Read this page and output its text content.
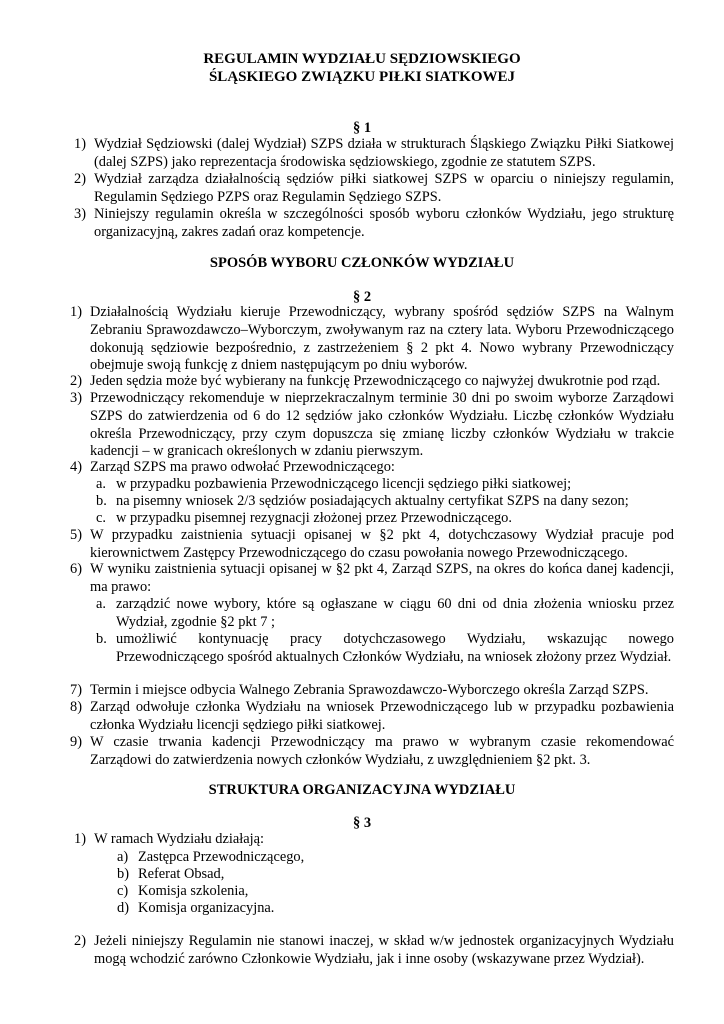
REGULAMIN WYDZIAŁU SĘDZIOWSKIEGO
ŚLĄSKIEGO ZWIĄZKU PIŁKI SIATKOWEJ
§ 1
1) Wydział Sędziowski (dalej Wydział) SZPS działa w strukturach Śląskiego Związku Piłki Siatkowej (dalej SZPS) jako reprezentacja środowiska sędziowskiego, zgodnie ze statutem SZPS.
2) Wydział zarządza działalnością sędziów piłki siatkowej SZPS w oparciu o niniejszy regulamin, Regulamin Sędziego PZPS oraz Regulamin Sędziego SZPS.
3) Niniejszy regulamin określa w szczególności sposób wyboru członków Wydziału, jego strukturę organizacyjną, zakres zadań oraz kompetencje.
SPOSÓB WYBORU CZŁONKÓW WYDZIAŁU
§ 2
1) Działalnością Wydziału kieruje Przewodniczący, wybrany spośród sędziów SZPS na Walnym Zebraniu Sprawozdawczo–Wyborczym, zwoływanym raz na cztery lata. Wyboru Przewodniczącego dokonują sędziowie bezpośrednio, z zastrzeżeniem § 2 pkt 4. Nowo wybrany Przewodniczący obejmuje swoją funkcję z dniem następującym po dniu wyborów.
2) Jeden sędzia może być wybierany na funkcję Przewodniczącego co najwyżej dwukrotnie pod rząd.
3) Przewodniczący rekomenduje w nieprzekraczalnym terminie 30 dni po swoim wyborze Zarządowi SZPS do zatwierdzenia od 6 do 12 sędziów jako członków Wydziału. Liczbę członków Wydziału określa Przewodniczący, przy czym dopuszcza się zmianę liczby członków Wydziału w trakcie kadencji – w granicach określonych w zdaniu pierwszym.
4) Zarząd SZPS ma prawo odwołać Przewodniczącego:
a. w przypadku pozbawienia Przewodniczącego licencji sędziego piłki siatkowej;
b. na pisemny wniosek 2/3 sędziów posiadających aktualny certyfikat SZPS na dany sezon;
c. w przypadku pisemnej rezygnacji złożonej przez Przewodniczącego.
5) W przypadku zaistnienia sytuacji opisanej w §2 pkt 4, dotychczasowy Wydział pracuje pod kierownictwem Zastępcy Przewodniczącego do czasu powołania nowego Przewodniczącego.
6) W wyniku zaistnienia sytuacji opisanej w §2 pkt 4, Zarząd SZPS, na okres do końca danej kadencji, ma prawo:
a. zarządzić nowe wybory, które są ogłaszane w ciągu 60 dni od dnia złożenia wniosku przez Wydział, zgodnie §2 pkt 7 ;
b. umożliwić kontynuację pracy dotychczasowego Wydziału, wskazując nowego Przewodniczącego spośród aktualnych Członków Wydziału, na wniosek złożony przez Wydział.
7) Termin i miejsce odbycia Walnego Zebrania Sprawozdawczo-Wyborczego określa Zarząd SZPS.
8) Zarząd odwołuje członka Wydziału na wniosek Przewodniczącego lub w przypadku pozbawienia członka Wydziału licencji sędziego piłki siatkowej.
9) W czasie trwania kadencji Przewodniczący ma prawo w wybranym czasie rekomendować Zarządowi do zatwierdzenia nowych członków Wydziału, z uwzględnieniem §2 pkt. 3.
STRUKTURA ORGANIZACYJNA WYDZIAŁU
§ 3
1) W ramach Wydziału działają:
a) Zastępca Przewodniczącego,
b) Referat Obsad,
c) Komisja szkolenia,
d) Komisja organizacyjna.
2) Jeżeli niniejszy Regulamin nie stanowi inaczej, w skład w/w jednostek organizacyjnych Wydziału mogą wchodzić zarówno Członkowie Wydziału, jak i inne osoby (wskazywane przez Wydział).
